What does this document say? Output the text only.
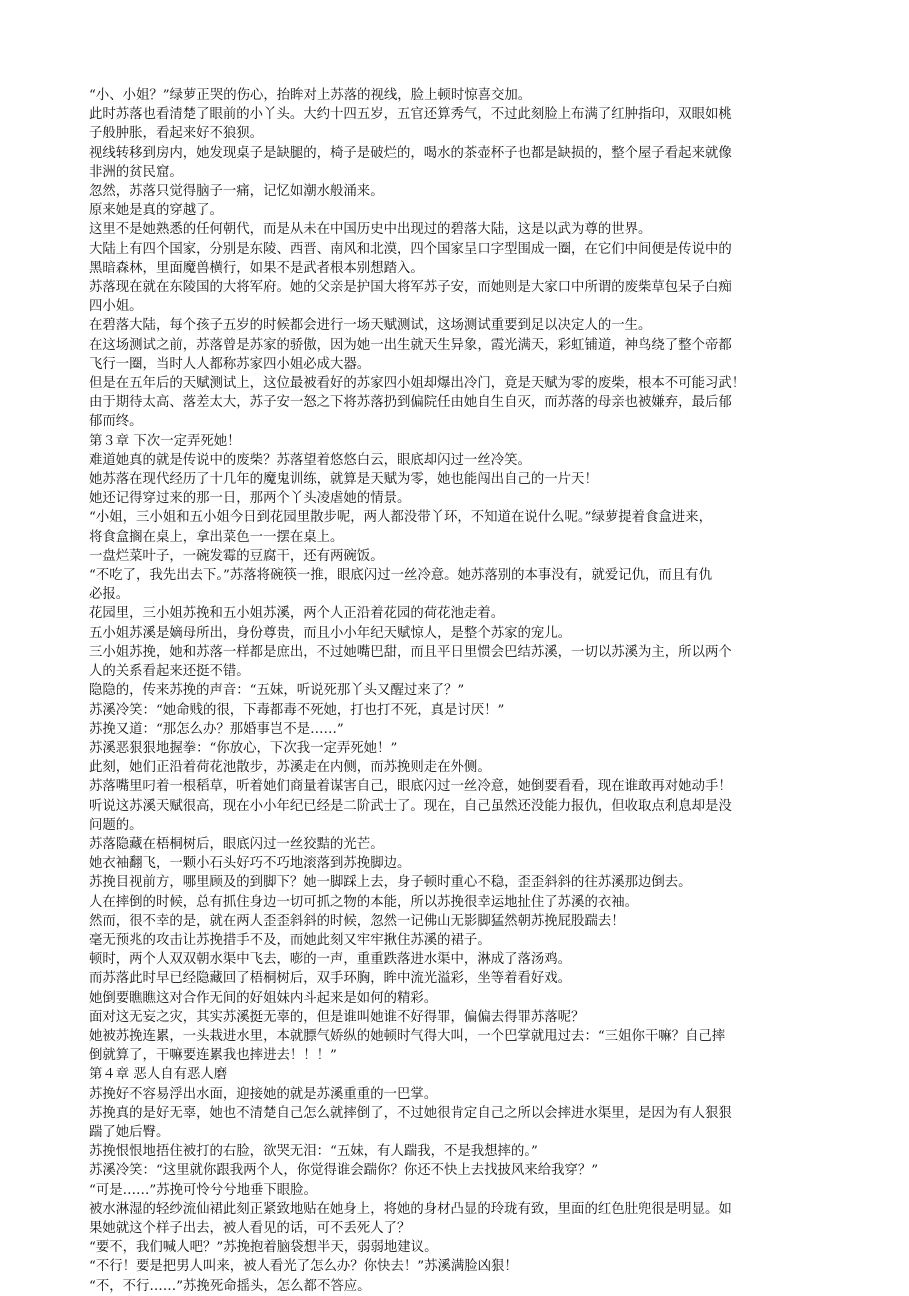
“小、小姐？”绿萝正哭的伤心，抬眸对上苏落的视线，脸上顿时惊喜交加。
此时苏落也看清楚了眼前的小丫头。大约十四五岁，五官还算秀气，不过此刻脸上布满了红肿指印，双眼如桃
子般肿胀，看起来好不狼狈。
视线转移到房内，她发现桌子是缺腿的，椅子是破烂的，喝水的茶壶杯子也都是缺损的，整个屋子看起来就像
非洲的贫民窟。
忽然，苏落只觉得脑子一痛，记忆如潮水般涌来。
原来她是真的穿越了。
这里不是她熟悉的任何朝代，而是从未在中国历史中出现过的碧落大陆，这是以武为尊的世界。
大陆上有四个国家，分别是东陵、西晋、南风和北漠，四个国家呈口字型围成一圈，在它们中间便是传说中的
黑暗森林，里面魔兽横行，如果不是武者根本别想踏入。
苏落现在就在东陵国的大将军府。她的父亲是护国大将军苏子安，而她则是大家口中所谓的废柴草包呆子白痴
四小姐。
在碧落大陆，每个孩子五岁的时候都会进行一场天赋测试，这场测试重要到足以决定人的一生。
在这场测试之前，苏落曾是苏家的骄傲，因为她一出生就天生异象，霞光满天，彩虹铺道，神鸟绕了整个帝都
飞行一圈，当时人人都称苏家四小姐必成大器。
但是在五年后的天赋测试上，这位最被看好的苏家四小姐却爆出冷门，竟是天赋为零的废柴，根本不可能习武！
由于期待太高、落差太大，苏子安一怒之下将苏落扔到偏院任由她自生自灭，而苏落的母亲也被嫌弃，最后郁
郁而终。
第３章 下次一定弄死她！
难道她真的就是传说中的废柴？苏落望着悠悠白云，眼底却闪过一丝冷笑。
她苏落在现代经历了十几年的魔鬼训练，就算是天赋为零，她也能闯出自己的一片天！
她还记得穿过来的那一日，那两个丫头凌虐她的情景。
“小姐，三小姐和五小姐今日到花园里散步呢，两人都没带丫环，不知道在说什么呢。”绿萝提着食盒进来，
将食盒搁在桌上，拿出菜色一一摆在桌上。
一盘烂菜叶子，一碗发霉的豆腐干，还有两碗饭。
“不吃了，我先出去下。”苏落将碗筷一推，眼底闪过一丝冷意。她苏落别的本事没有，就爱记仇，而且有仇
必报。
花园里，三小姐苏挽和五小姐苏溪，两个人正沿着花园的荷花池走着。
五小姐苏溪是嫡母所出，身份尊贵，而且小小年纪天赋惊人，是整个苏家的宠儿。
三小姐苏挽，她和苏落一样都是庶出，不过她嘴巴甜，而且平日里惯会巴结苏溪，一切以苏溪为主，所以两个
人的关系看起来还挺不错。
隐隐的，传来苏挽的声音：“五妹，听说死那丫头又醒过来了？”
苏溪冷笑：“她命贱的很，下毒都毒不死她，打也打不死，真是讨厌！”
苏挽又道：“那怎么办？那婚事岂不是……”
苏溪恶狠狠地握拳：“你放心，下次我一定弄死她！”
此刻，她们正沿着荷花池散步，苏溪走在内侧，而苏挽则走在外侧。
苏落嘴里叼着一根稻草，听着她们商量着谋害自己，眼底闪过一丝冷意，她倒要看看，现在谁敢再对她动手！
听说这苏溪天赋很高，现在小小年纪已经是二阶武士了。现在，自己虽然还没能力报仇，但收取点利息却是没
问题的。
苏落隐藏在梧桐树后，眼底闪过一丝狡黠的光芒。
她衣袖翻飞，一颗小石头好巧不巧地滚落到苏挽脚边。
苏挽目视前方，哪里顾及的到脚下？她一脚踩上去，身子顿时重心不稳，歪歪斜斜的往苏溪那边倒去。
人在摔倒的时候，总有抓住身边一切可抓之物的本能，所以苏挽很幸运地扯住了苏溪的衣袖。
然而，很不幸的是，就在两人歪歪斜斜的时候，忽然一记佛山无影脚猛然朝苏挽屁股踹去！
毫无预兆的攻击让苏挽措手不及，而她此刻又牢牢揪住苏溪的裙子。
顿时，两个人双双朝水渠中飞去，嘭的一声，重重跌落进水渠中，淋成了落汤鸡。
而苏落此时早已经隐藏回了梧桐树后，双手环胸，眸中流光溢彩，坐等着看好戏。
她倒要瞧瞧这对合作无间的好姐妹内斗起来是如何的精彩。
面对这无妄之灾，其实苏溪挺无辜的，但是谁叫她谁不好得罪，偏偏去得罪苏落呢？
她被苏挽连累，一头栽进水里，本就膘气娇纵的她顿时气得大叫，一个巴掌就甩过去：“三姐你干嘛？自己摔
倒就算了，干嘛要连累我也摔进去！！！”
第４章 恶人自有恶人磨
苏挽好不容易浮出水面，迎接她的就是苏溪重重的一巴掌。
苏挽真的是好无辜，她也不清楚自己怎么就摔倒了，不过她很肯定自己之所以会摔进水渠里，是因为有人狠狠
踹了她后臀。
苏挽恨恨地捂住被打的右脸，欲哭无泪：“五妹，有人踹我，不是我想摔的。”
苏溪冷笑：“这里就你跟我两个人，你觉得谁会踹你？你还不快上去找披风来给我穿？”
“可是……”苏挽可怜兮兮地垂下眼脸。
被水淋湿的轻纱流仙裙此刻正紧致地贴在她身上，将她的身材凸显的玲珑有致，里面的红色肚兜很是明显。如
果她就这个样子出去，被人看见的话，可不丢死人了？
“要不，我们喊人吧？”苏挽抱着脑袋想半天，弱弱地建议。
“不行！要是把男人叫来，被人看光了怎么办？你快去！”苏溪满脸凶狠！
“不，不行……”苏挽死命摇头，怎么都不答应。
